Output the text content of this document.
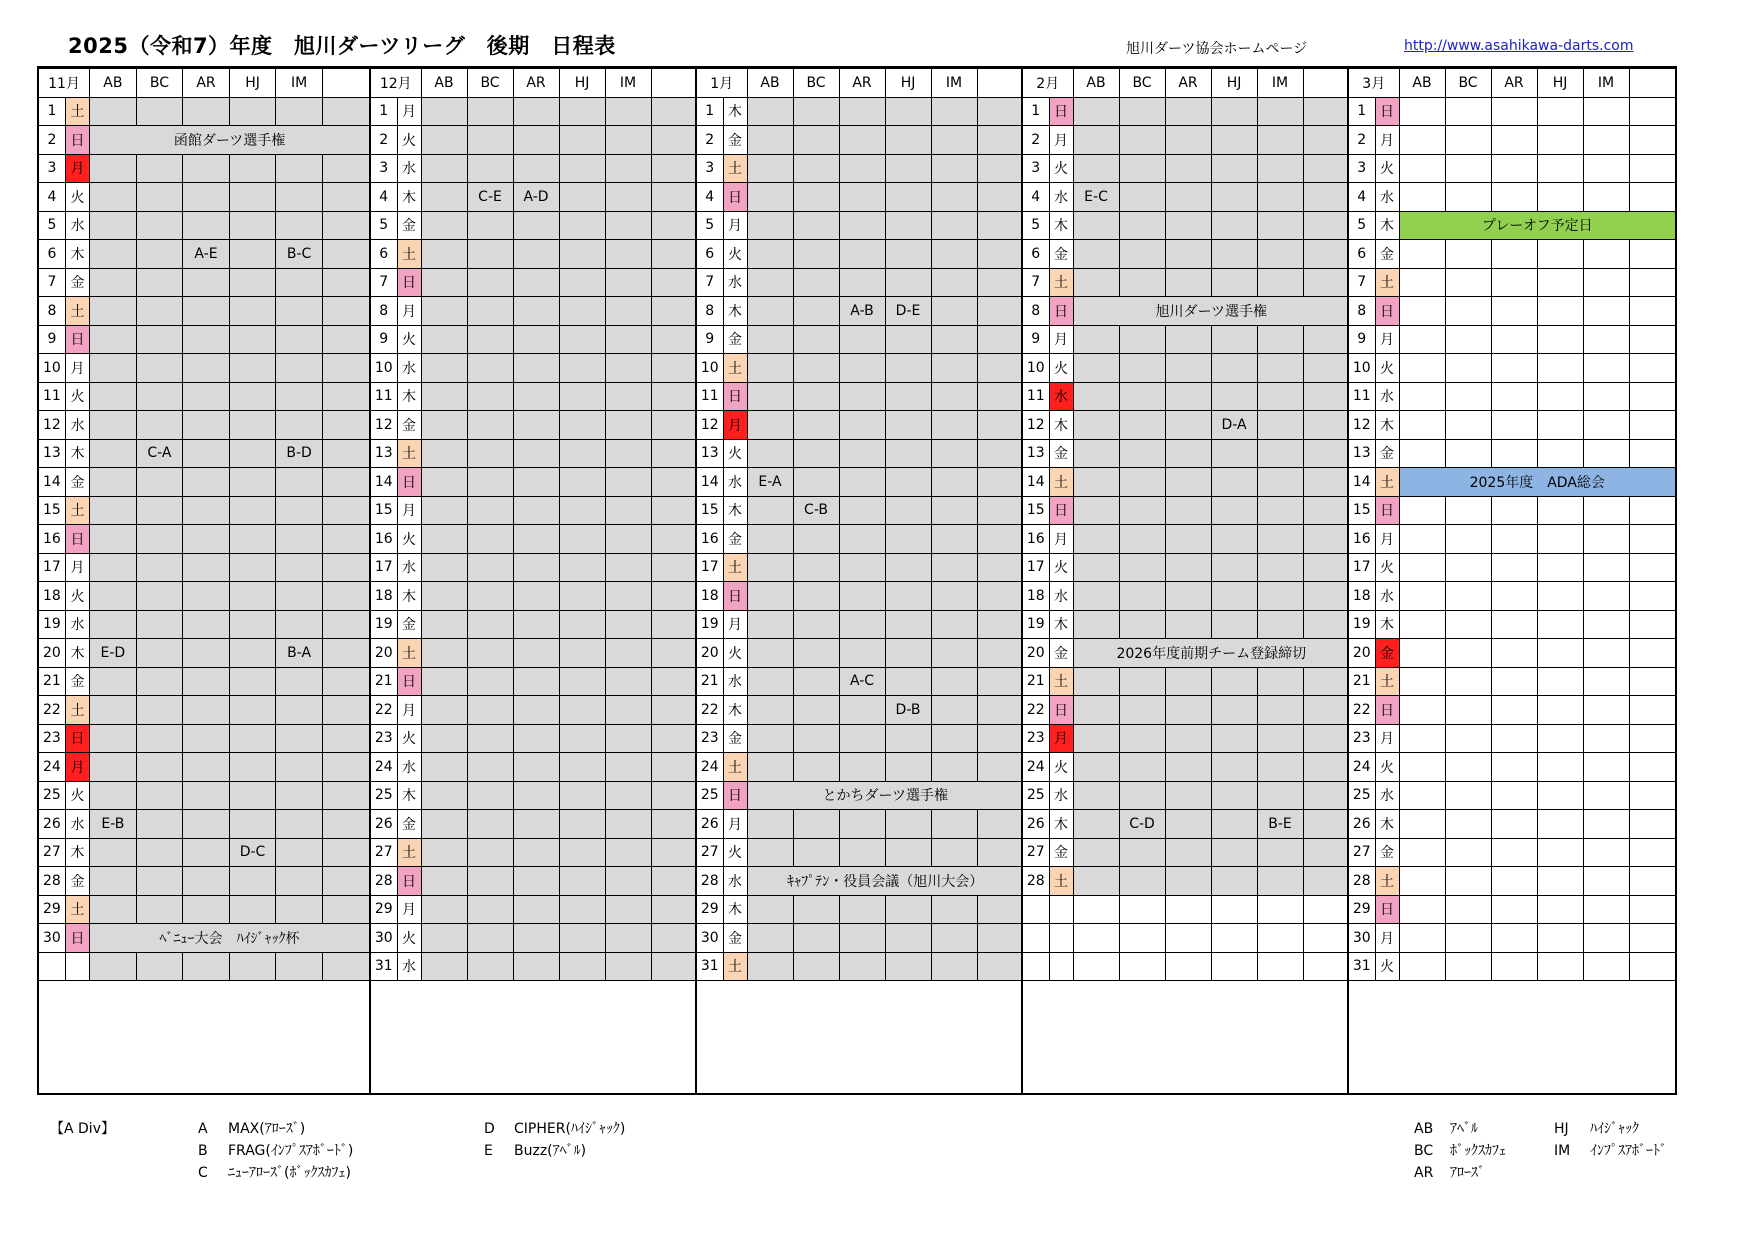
2025（令和7）年度　旭川ダーツリーグ　後期　日程表	旭川ダーツ協会ホームページ	http://www.asahikawa-darts.com
11月		AB	BC	AR	HJ	IM	
1	土						
2	日	函館ダーツ選手権					
3	月						
4	火						
5	水						
6	木			A-E		B-C	
7	金						
8	土						
9	日						
10	月						
11	火						
12	水						
13	木		C-A			B-D	
14	金						
15	土						
16	日						
17	月						
18	火						
19	水						
20	木	E-D				B-A	
21	金						
22	土						
23	日						
24	月						
25	火						
26	水	E-B					
27	木				D-C		
28	金						
29	土						
30	日	ﾍﾞﾆｭｰ大会　ﾊｲｼﾞｬｯｸ杯					

12月		AB	BC	AR	HJ	IM	
1	月						
2	火						
3	水						
4	木		C-E	A-D			
5	金						
6	土						
7	日						
8	月						
9	火						
10	水						
11	木						
12	金						
13	土						
14	日						
15	月						
16	火						
17	水						
18	木						
19	金						
20	土						
21	日						
22	月						
23	火						
24	水						
25	木						
26	金						
27	土						
28	日						
29	月						
30	火						
31	水						
1月		AB	BC	AR	HJ	IM	
1	木						
2	金						
3	土						
4	日						
5	月						
6	火						
7	水						
8	木			A-B	D-E		
9	金						
10	土						
11	日						
12	月						
13	火						
14	水	E-A					
15	木		C-B				
16	金						
17	土						
18	日						
19	月						
20	火						
21	水			A-C			
22	木				D-B		
23	金						
24	土						
25	日	とかちダーツ選手権					
26	月						
27	火						
28	水	ｷｬﾌﾟﾃﾝ・役員会議（旭川大会）					
29	木						
30	金						
31	土						
2月		AB	BC	AR	HJ	IM	
1	日						
2	月						
3	火						
4	水	E-C					
5	木						
6	金						
7	土						
8	日	旭川ダーツ選手権					
9	月						
10	火						
11	水						
12	木				D-A		
13	金						
14	土						
15	日						
16	月						
17	火						
18	水						
19	木						
20	金	2026年度前期チーム登録締切					
21	土						
22	日						
23	月						
24	火						
25	水						
26	木		C-D			B-E	
27	金						
28	土						

3月		AB	BC	AR	HJ	IM	
1	日						
2	月						
3	火						
4	水						
5	木	プレーオフ予定日					
6	金						
7	土						
8	日						
9	月						
10	火						
11	水						
12	木						
13	金						
14	土	2025年度　ADA総会					
15	日						
16	月						
17	火						
18	水						
19	木						
20	金						
21	土						
22	日						
23	月						
24	火						
25	水						
26	木						
27	金						
28	土						
29	日						
30	月						
31	火						
【A Div】	A MAX(ｱﾛｰｽﾞ)
B FRAG(ｲﾝﾌﾟｽｱﾎﾞｰﾄﾞ)
C ﾆｭｰｱﾛｰｽﾞ(ﾎﾞｯｸｽｶﾌｪ)
D CIPHER(ﾊｲｼﾞｬｯｸ)
E Buzz(ｱﾍﾞﾙ)
AB ｱﾍﾞﾙ
BC ﾎﾞｯｸｽｶﾌｪ
AR ｱﾛｰｽﾞ
HJ ﾊｲｼﾞｬｯｸ
IM ｲﾝﾌﾟｽｱﾎﾞｰﾄﾞ
